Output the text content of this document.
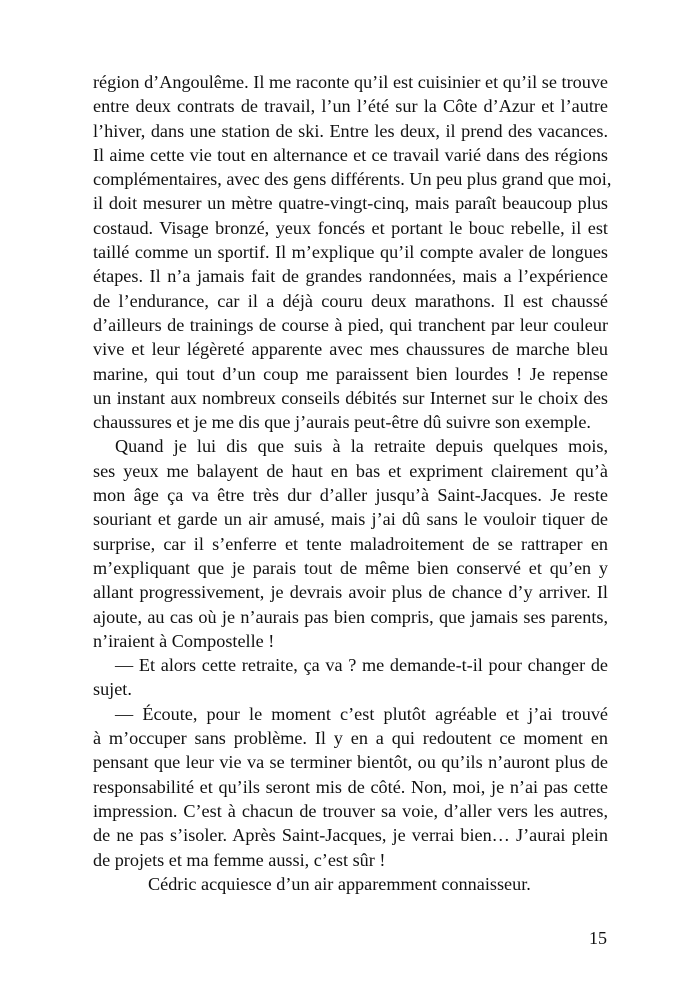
région d’Angoulême. Il me raconte qu’il est cuisinier et qu’il se trouve
entre deux contrats de travail, l’un l’été sur la Côte d’Azur et l’autre
l’hiver, dans une station de ski. Entre les deux, il prend des vacances.
Il aime cette vie tout en alternance et ce travail varié dans des régions
complémentaires, avec des gens différents. Un peu plus grand que moi,
il doit mesurer un mètre quatre-vingt-cinq, mais paraît beaucoup plus
costaud. Visage bronzé, yeux foncés et portant le bouc rebelle, il est
taillé comme un sportif. Il m’explique qu’il compte avaler de longues
étapes. Il n’a jamais fait de grandes randonnées, mais a l’expérience
de l’endurance, car il a déjà couru deux marathons. Il est chaussé
d’ailleurs de trainings de course à pied, qui tranchent par leur couleur
vive et leur légèreté apparente avec mes chaussures de marche bleu
marine, qui tout d’un coup me paraissent bien lourdes ! Je repense
un instant aux nombreux conseils débités sur Internet sur le choix des
chaussures et je me dis que j’aurais peut-être dû suivre son exemple.
Quand je lui dis que suis à la retraite depuis quelques mois,
ses yeux me balayent de haut en bas et expriment clairement qu’à
mon âge ça va être très dur d’aller jusqu’à Saint-Jacques. Je reste
souriant et garde un air amusé, mais j’ai dû sans le vouloir tiquer de
surprise, car il s’enferre et tente maladroitement de se rattraper en
m’expliquant que je parais tout de même bien conservé et qu’en y
allant progressivement, je devrais avoir plus de chance d’y arriver. Il
ajoute, au cas où je n’aurais pas bien compris, que jamais ses parents,
n’iraient à Compostelle !
— Et alors cette retraite, ça va ? me demande-t-il pour changer de
sujet.
— Écoute, pour le moment c’est plutôt agréable et j’ai trouvé
à m’occuper sans problème. Il y en a qui redoutent ce moment en
pensant que leur vie va se terminer bientôt, ou qu’ils n’auront plus de
responsabilité et qu’ils seront mis de côté. Non, moi, je n’ai pas cette
impression. C’est à chacun de trouver sa voie, d’aller vers les autres,
de ne pas s’isoler. Après Saint-Jacques, je verrai bien… J’aurai plein
de projets et ma femme aussi, c’est sûr !
Cédric acquiesce d’un air apparemment connaisseur.
15
